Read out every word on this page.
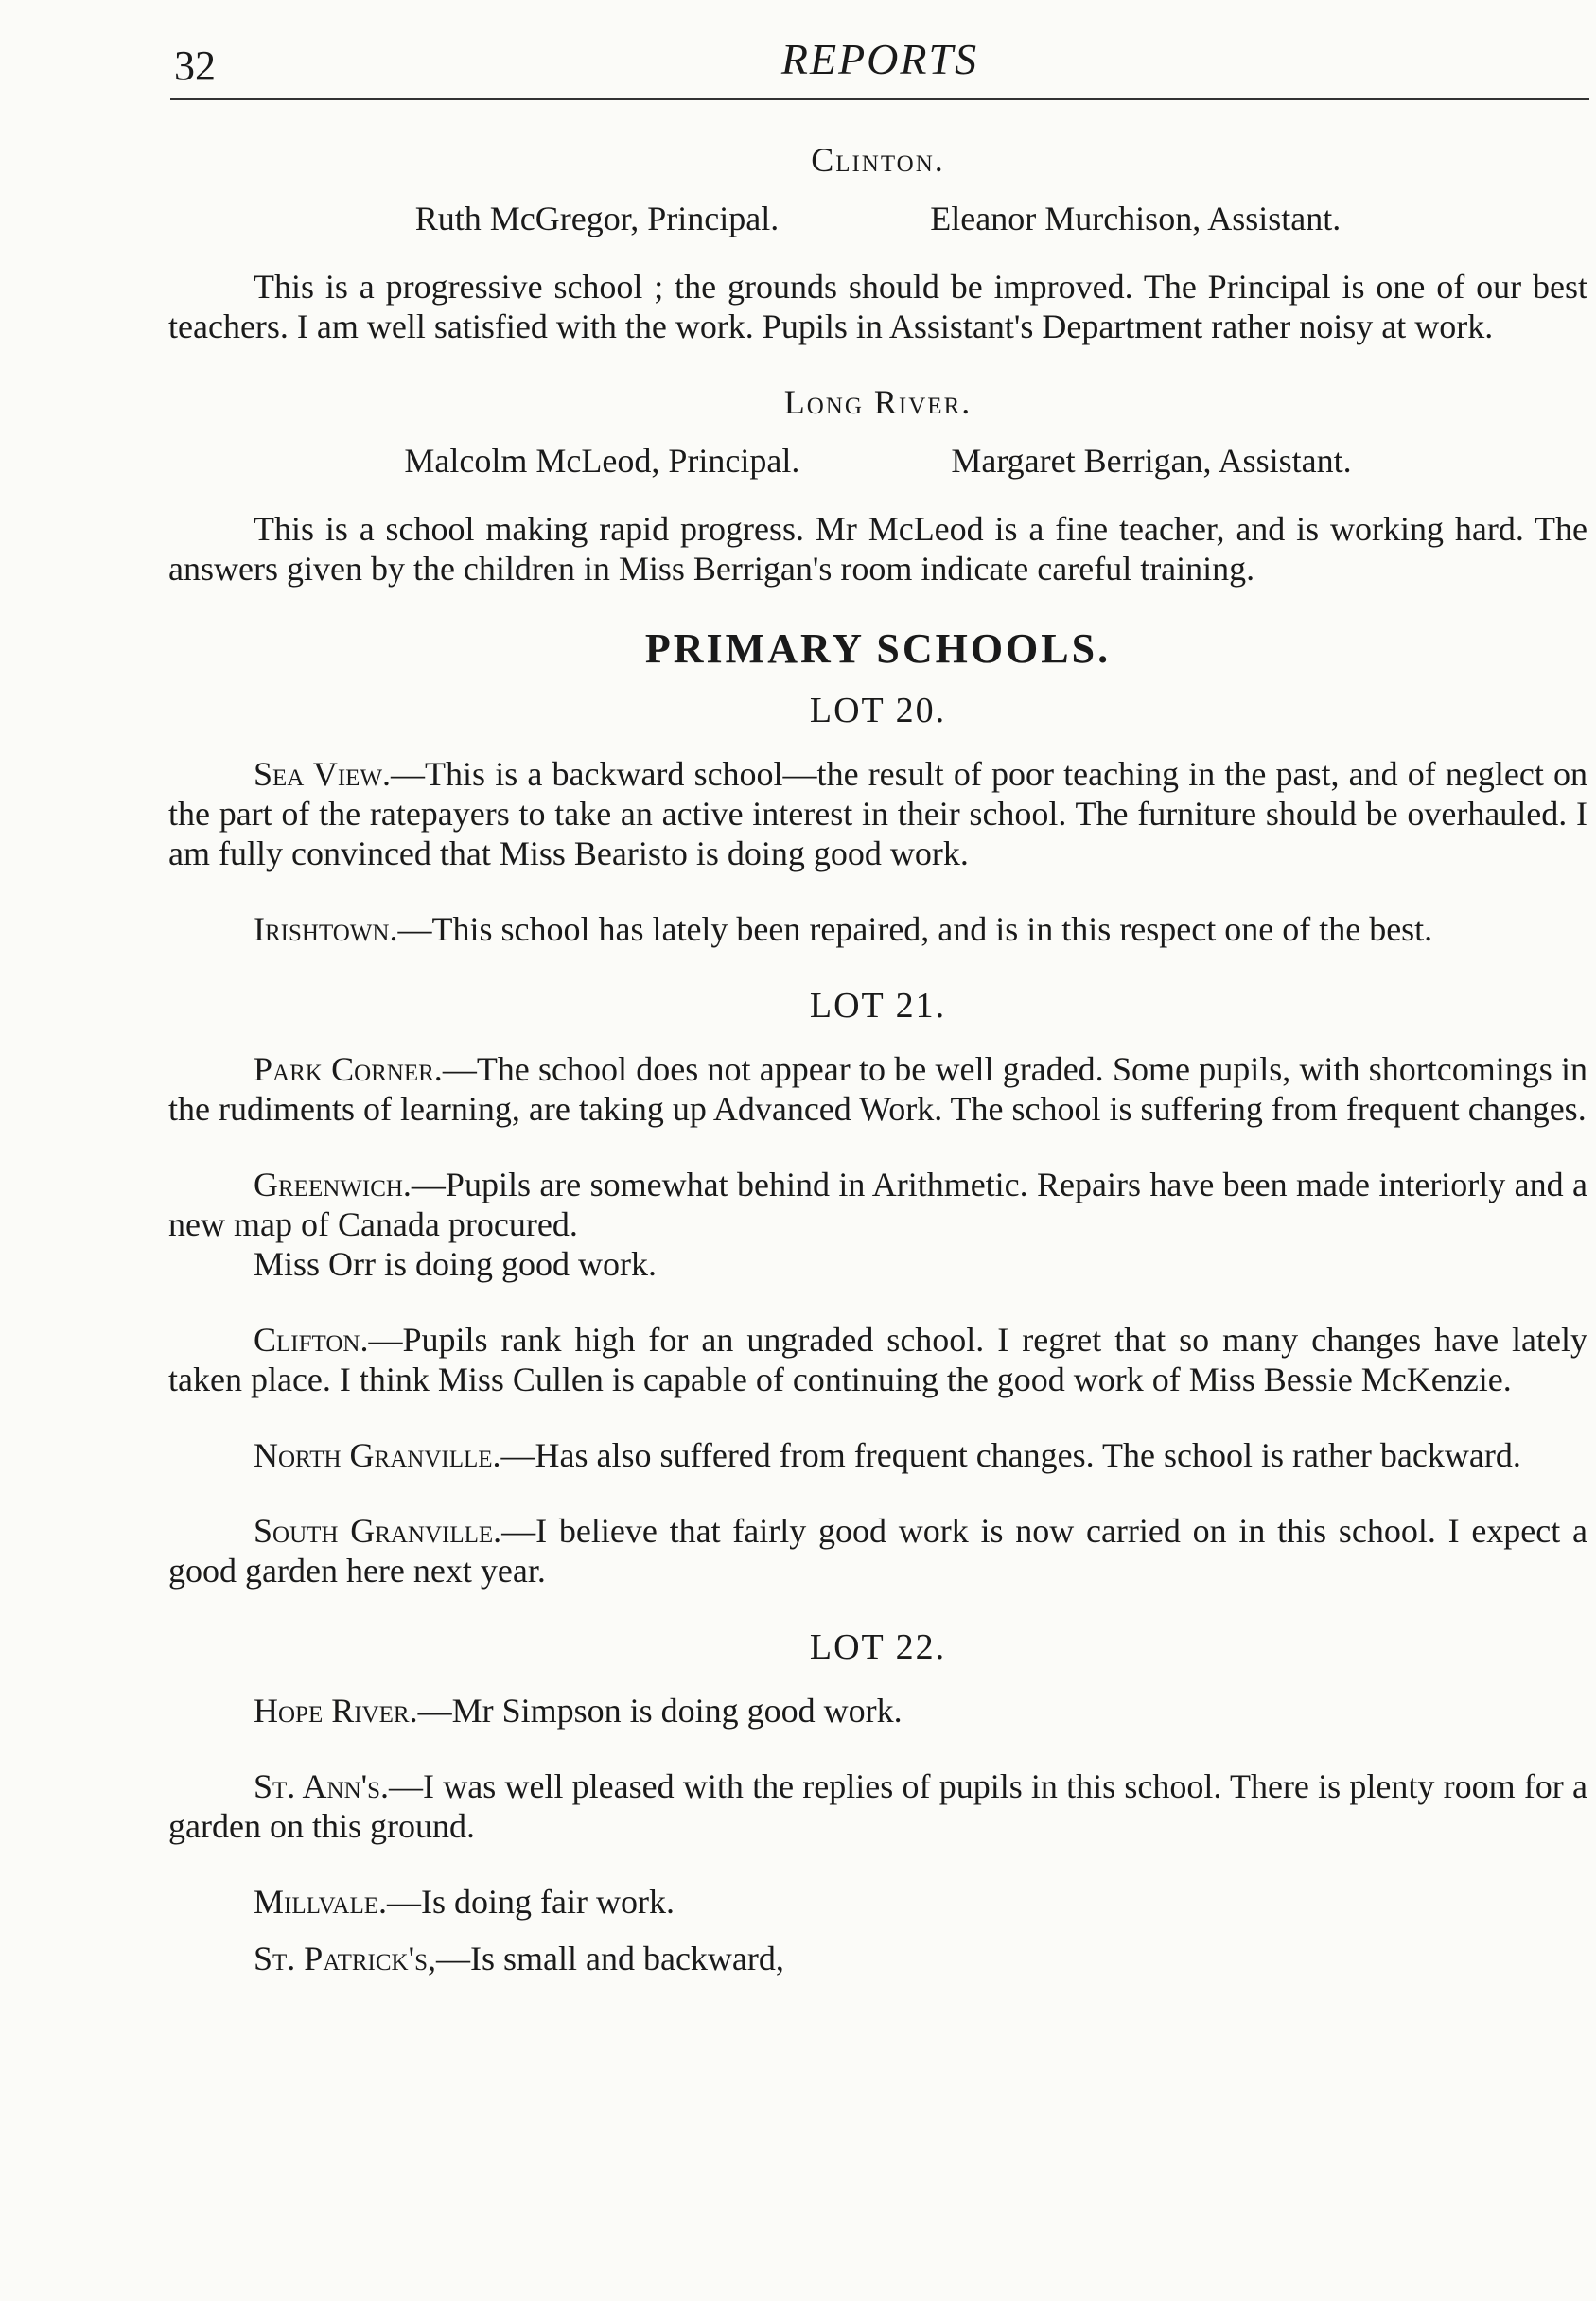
32	REPORTS
Clinton.
Ruth McGregor, Principal.	Eleanor Murchison, Assistant.

This is a progressive school ; the grounds should be improved. The Principal is one of our best teachers. I am well satisfied with the work. Pupils in Assistant's Department rather noisy at work.

Long River.
Malcolm McLeod, Principal.	Margaret Berrigan, Assistant.

This is a school making rapid progress. Mr McLeod is a fine teacher, and is working hard. The answers given by the children in Miss Berrigan's room indicate careful training.

PRIMARY SCHOOLS.
LOT 20.

Sea View.—This is a backward school—the result of poor teaching in the past, and of neglect on the part of the ratepayers to take an active interest in their school. The furniture should be overhauled. I am fully convinced that Miss Bearisto is doing good work.

Irishtown.—This school has lately been repaired, and is in this respect one of the best.

LOT 21.

Park Corner.—The school does not appear to be well graded. Some pupils, with shortcomings in the rudiments of learning, are taking up Advanced Work. The school is suffering from frequent changes.

Greenwich.—Pupils are somewhat behind in Arithmetic. Repairs have been made interiorly and a new map of Canada procured.

Miss Orr is doing good work.

Clifton.—Pupils rank high for an ungraded school. I regret that so many changes have lately taken place. I think Miss Cullen is capable of continuing the good work of Miss Bessie McKenzie.

North Granville.—Has also suffered from frequent changes. The school is rather backward.

South Granville.—I believe that fairly good work is now carried on in this school. I expect a good garden here next year.

LOT 22.

Hope River.—Mr Simpson is doing good work.

St. Ann's.—I was well pleased with the replies of pupils in this school. There is plenty room for a garden on this ground.

Millvale.—Is doing fair work.

St. Patrick's,—Is small and backward,
